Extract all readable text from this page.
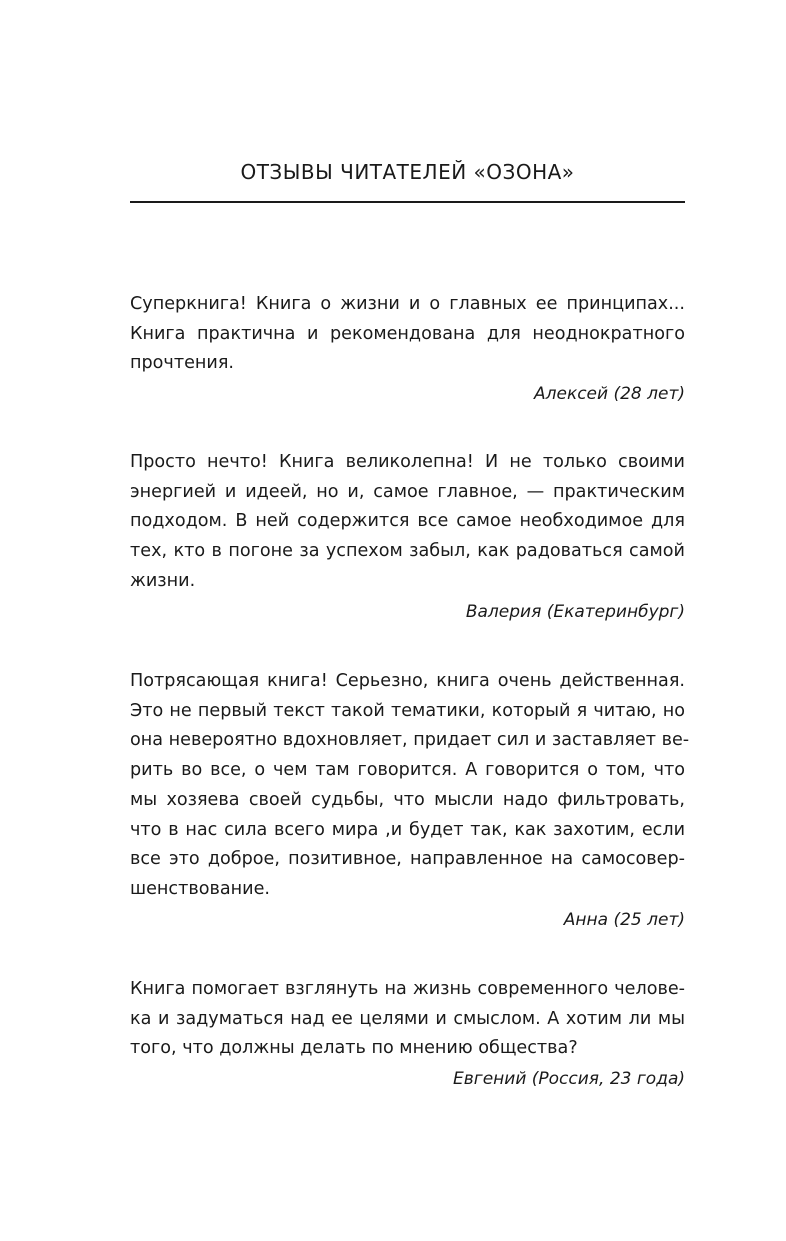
ОТЗЫВЫ ЧИТАТЕЛЕЙ «ОЗОНА»
Суперкнига! Книга о жизни и о главных ее принципах...
Книга практична и рекомендована для неоднократного
прочтения.
Алексей (28 лет)
Просто нечто! Книга великолепна! И не только своими
энергией и идеей, но и, самое главное, — практическим
подходом. В ней содержится все самое необходимое для
тех, кто в погоне за успехом забыл, как радоваться самой
жизни.
Валерия (Екатеринбург)
Потрясающая книга! Серьезно, книга очень действенная.
Это не первый текст такой тематики, который я читаю, но
она невероятно вдохновляет, придает сил и заставляет ве-
рить во все, о чем там говорится. А говорится о том, что
мы хозяева своей судьбы, что мысли надо фильтровать,
что в нас сила всего мира ,и будет так, как захотим, если
все это доброе, позитивное, направленное на самосовер-
шенствование.
Анна (25 лет)
Книга помогает взглянуть на жизнь современного челове-
ка и задуматься над ее целями и смыслом. А хотим ли мы
того, что должны делать по мнению общества?
Евгений (Россия, 23 года)
